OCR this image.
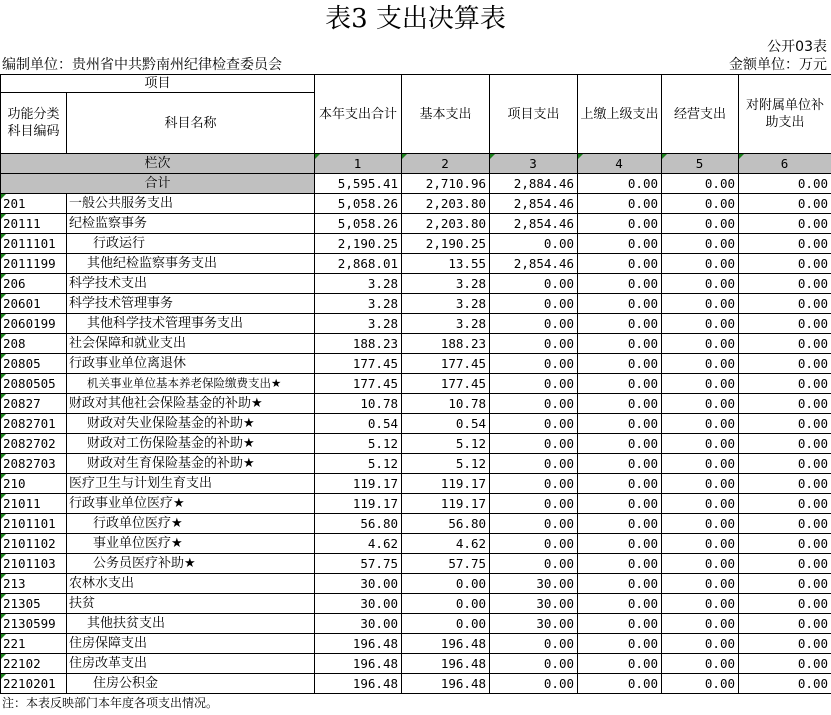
表3 支出决算表
公开03表
编制单位：贵州省中共黔南州纪律检查委员会	金额单位：万元
项目		本年支出合计	基本支出	项目支出	上缴上级支出	经营支出	对附属单位补助支出
功能分类科目编码	科目名称						
栏次		1	2	3	4	5	6
合计		5,595.41	2,710.96	2,884.46	0.00	0.00	0.00
201	一般公共服务支出	5,058.26	2,203.80	2,854.46	0.00	0.00	0.00
20111	纪检监察事务	5,058.26	2,203.80	2,854.46	0.00	0.00	0.00
2011101	行政运行	2,190.25	2,190.25	0.00	0.00	0.00	0.00
2011199	其他纪检监察事务支出	2,868.01	13.55	2,854.46	0.00	0.00	0.00
206	科学技术支出	3.28	3.28	0.00	0.00	0.00	0.00
20601	科学技术管理事务	3.28	3.28	0.00	0.00	0.00	0.00
2060199	其他科学技术管理事务支出	3.28	3.28	0.00	0.00	0.00	0.00
208	社会保障和就业支出	188.23	188.23	0.00	0.00	0.00	0.00
20805	行政事业单位离退休	177.45	177.45	0.00	0.00	0.00	0.00
2080505	机关事业单位基本养老保险缴费支出★	177.45	177.45	0.00	0.00	0.00	0.00
20827	财政对其他社会保险基金的补助★	10.78	10.78	0.00	0.00	0.00	0.00
2082701	财政对失业保险基金的补助★	0.54	0.54	0.00	0.00	0.00	0.00
2082702	财政对工伤保险基金的补助★	5.12	5.12	0.00	0.00	0.00	0.00
2082703	财政对生育保险基金的补助★	5.12	5.12	0.00	0.00	0.00	0.00
210	医疗卫生与计划生育支出	119.17	119.17	0.00	0.00	0.00	0.00
21011	行政事业单位医疗★	119.17	119.17	0.00	0.00	0.00	0.00
2101101	行政单位医疗★	56.80	56.80	0.00	0.00	0.00	0.00
2101102	事业单位医疗★	4.62	4.62	0.00	0.00	0.00	0.00
2101103	公务员医疗补助★	57.75	57.75	0.00	0.00	0.00	0.00
213	农林水支出	30.00	0.00	30.00	0.00	0.00	0.00
21305	扶贫	30.00	0.00	30.00	0.00	0.00	0.00
2130599	其他扶贫支出	30.00	0.00	30.00	0.00	0.00	0.00
221	住房保障支出	196.48	196.48	0.00	0.00	0.00	0.00
22102	住房改革支出	196.48	196.48	0.00	0.00	0.00	0.00
2210201	住房公积金	196.48	196.48	0.00	0.00	0.00	0.00
注：本表反映部门本年度各项支出情况。
